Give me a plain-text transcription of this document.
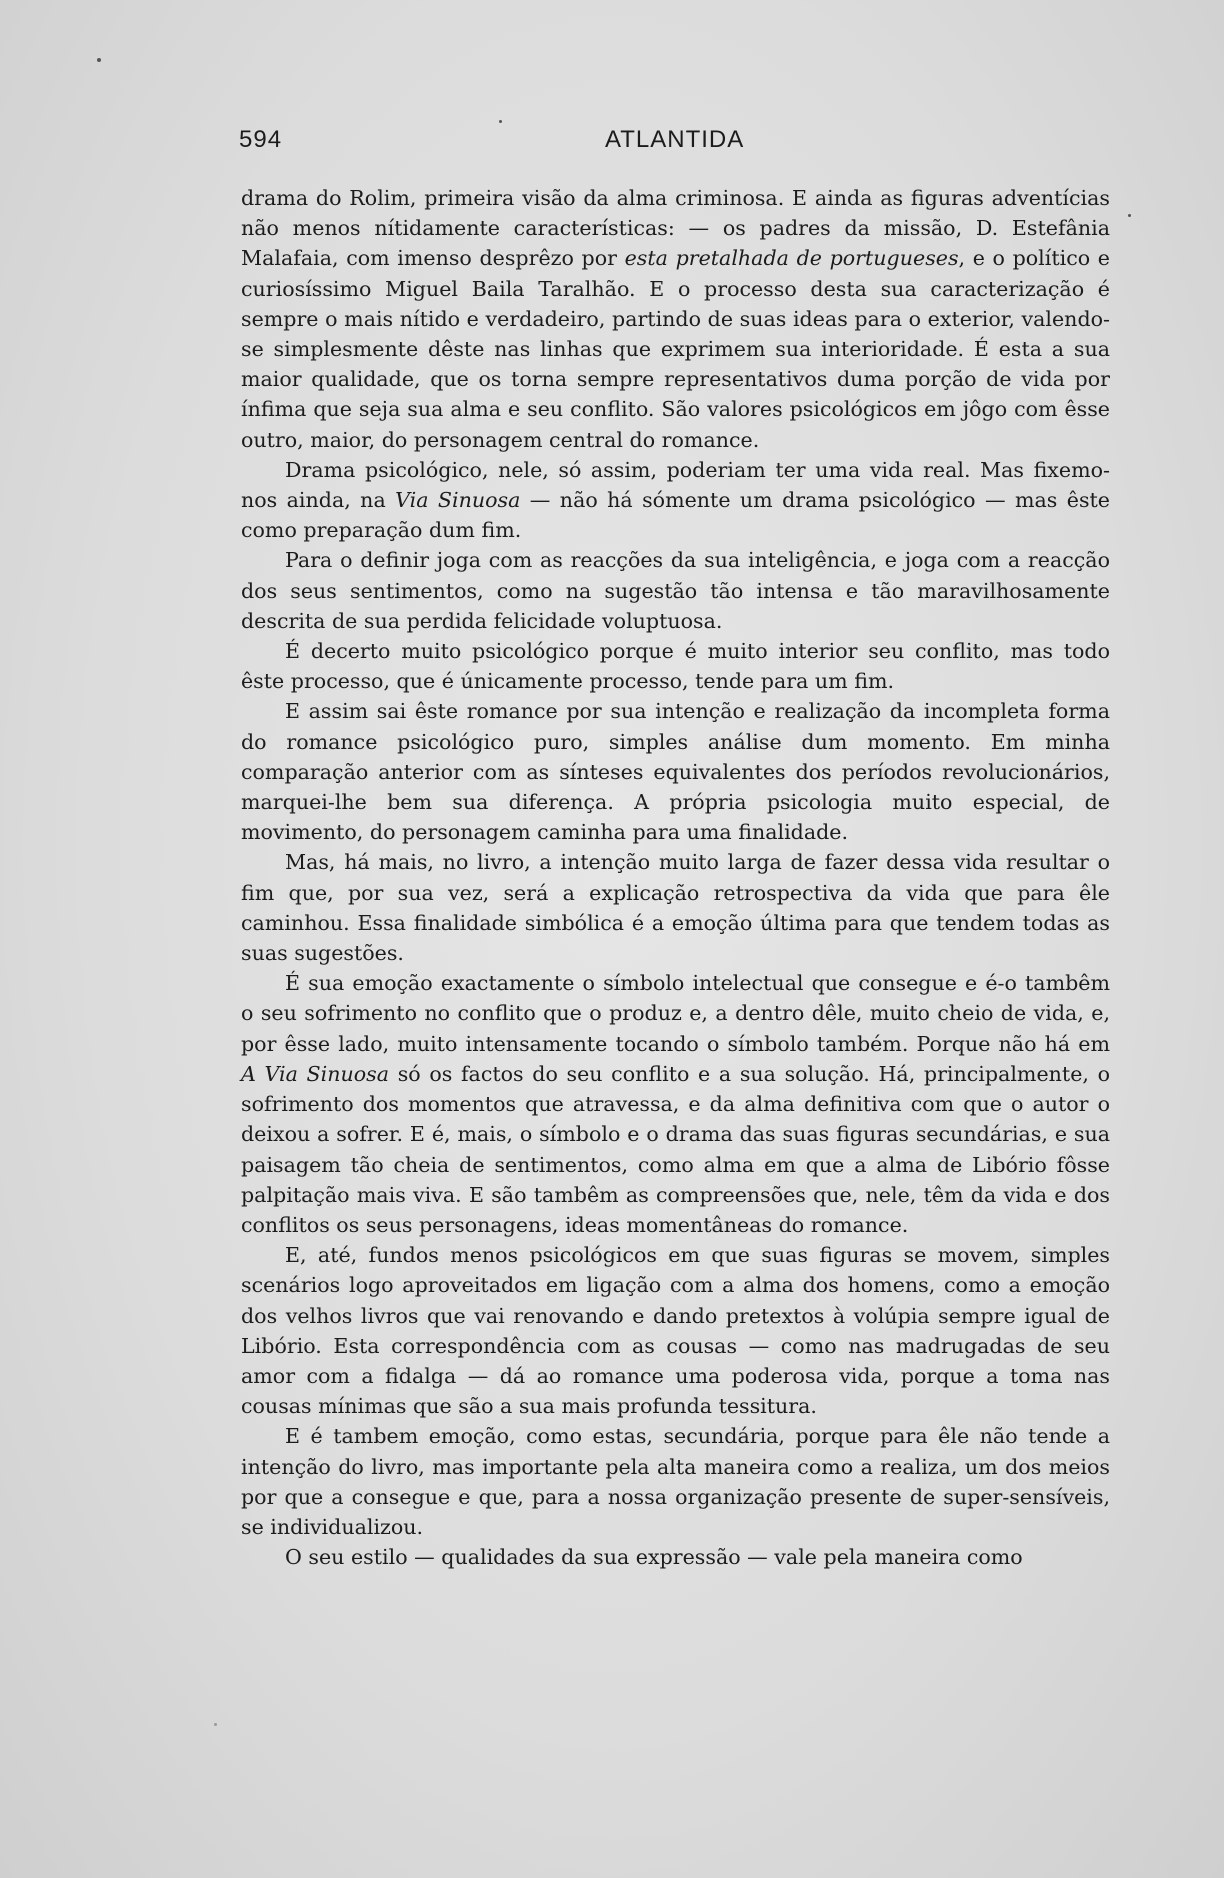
594	ATLANTIDA

drama do Rolim, primeira visão da alma criminosa. E ainda as figuras adventícias não menos nítidamente características: — os padres da missão, D. Estefânia Malafaia, com imenso desprêzo por esta pretalhada de portugueses, e o político e curiosíssimo Miguel Baila Taralhão. E o processo desta sua caracterização é sempre o mais nítido e verdadeiro, partindo de suas ideas para o exterior, valendo-se simplesmente dêste nas linhas que exprimem sua interioridade. É esta a sua maior qualidade, que os torna sempre representativos duma porção de vida por ínfima que seja sua alma e seu conflito. São valores psicológicos em jôgo com êsse outro, maior, do personagem central do romance.

Drama psicológico, nele, só assim, poderiam ter uma vida real. Mas fixemo-nos ainda, na Via Sinuosa — não há sómente um drama psicológico — mas êste como preparação dum fim.

Para o definir joga com as reacções da sua inteligência, e joga com a reacção dos seus sentimentos, como na sugestão tão intensa e tão maravilhosamente descrita de sua perdida felicidade voluptuosa.

É decerto muito psicológico porque é muito interior seu conflito, mas todo êste processo, que é únicamente processo, tende para um fim.

E assim sai êste romance por sua intenção e realização da incompleta forma do romance psicológico puro, simples análise dum momento. Em minha comparação anterior com as sínteses equivalentes dos períodos revolucionários, marquei-lhe bem sua diferença. A própria psicologia muito especial, de movimento, do personagem caminha para uma finalidade.

Mas, há mais, no livro, a intenção muito larga de fazer dessa vida resultar o fim que, por sua vez, será a explicação retrospectiva da vida que para êle caminhou. Essa finalidade simbólica é a emoção última para que tendem todas as suas sugestões.

É sua emoção exactamente o símbolo intelectual que consegue e é-o tambêm o seu sofrimento no conflito que o produz e, a dentro dêle, muito cheio de vida, e, por êsse lado, muito intensamente tocando o símbolo também. Porque não há em A Via Sinuosa só os factos do seu conflito e a sua solução. Há, principalmente, o sofrimento dos momentos que atravessa, e da alma definitiva com que o autor o deixou a sofrer. E é, mais, o símbolo e o drama das suas figuras secundárias, e sua paisagem tão cheia de sentimentos, como alma em que a alma de Libório fôsse palpitação mais viva. E são tambêm as compreensões que, nele, têm da vida e dos conflitos os seus personagens, ideas momentâneas do romance.

E, até, fundos menos psicológicos em que suas figuras se movem, simples scenários logo aproveitados em ligação com a alma dos homens, como a emoção dos velhos livros que vai renovando e dando pretextos à volúpia sempre igual de Libório. Esta correspondência com as cousas — como nas madrugadas de seu amor com a fidalga — dá ao romance uma poderosa vida, porque a toma nas cousas mínimas que são a sua mais profunda tessitura.

E é tambem emoção, como estas, secundária, porque para êle não tende a intenção do livro, mas importante pela alta maneira como a realiza, um dos meios por que a consegue e que, para a nossa organização presente de super-sensíveis, se individualizou.

O seu estilo — qualidades da sua expressão — vale pela maneira como
